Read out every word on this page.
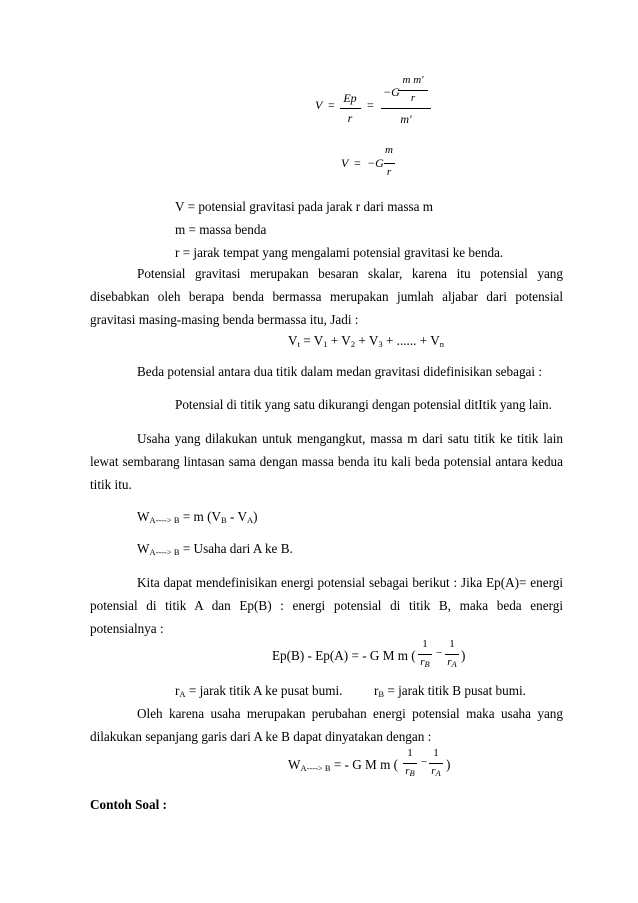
V = Ep
r
=
−G
m m'
r
m'
V = −G
m
r
V = potensial gravitasi pada jarak r dari massa m
m = massa benda
r = jarak tempat yang mengalami potensial gravitasi ke benda.
Potensial gravitasi merupakan besaran skalar, karena itu potensial yang
disebabkan oleh berapa benda bermassa merupakan jumlah aljabar dari potensial
gravitasi masing-masing benda bermassa itu, Jadi :
$V_t = V_1 + V_2 + V_3$ + ...... + $V_n$
Beda potensial antara dua titik dalam medan gravitasi didefinisikan sebagai :
Potensial di titik yang satu dikurangi dengan potensial ditItik yang lain.
Usaha yang dilakukan untuk mengangkut, massa m dari satu titik ke titik lain
lewat sembarang lintasan sama dengan massa benda itu kali beda potensial antara kedua
titik itu.
$W_{A----> B} = m$ $(V_B - V_A)$
$W_{A----> B}$ = Usaha dari A ke B.
Kita dapat mendefinisikan energi potensial sebagai berikut : Jika Ep(A)= energi
potensial di titik A dan Ep(B) : energi potensial di titik B, maka beda energi
potensialnya :
Ep(B) - Ep(A) = - G M m (
1
$r_B$
−
1
$r_A$
)
$r_A$ = jarak titik A ke pusat bumi. $r_B$ = jarak titik B pusat bumi.
Oleh karena usaha merupakan perubahan energi potensial maka usaha yang
dilakukan sepanjang garis dari A ke B dapat dinyatakan dengan :
$W_{A----> B}$ = - G M m (
1
$r_B$
−
1
$r_A$
)
Contoh Soal :
